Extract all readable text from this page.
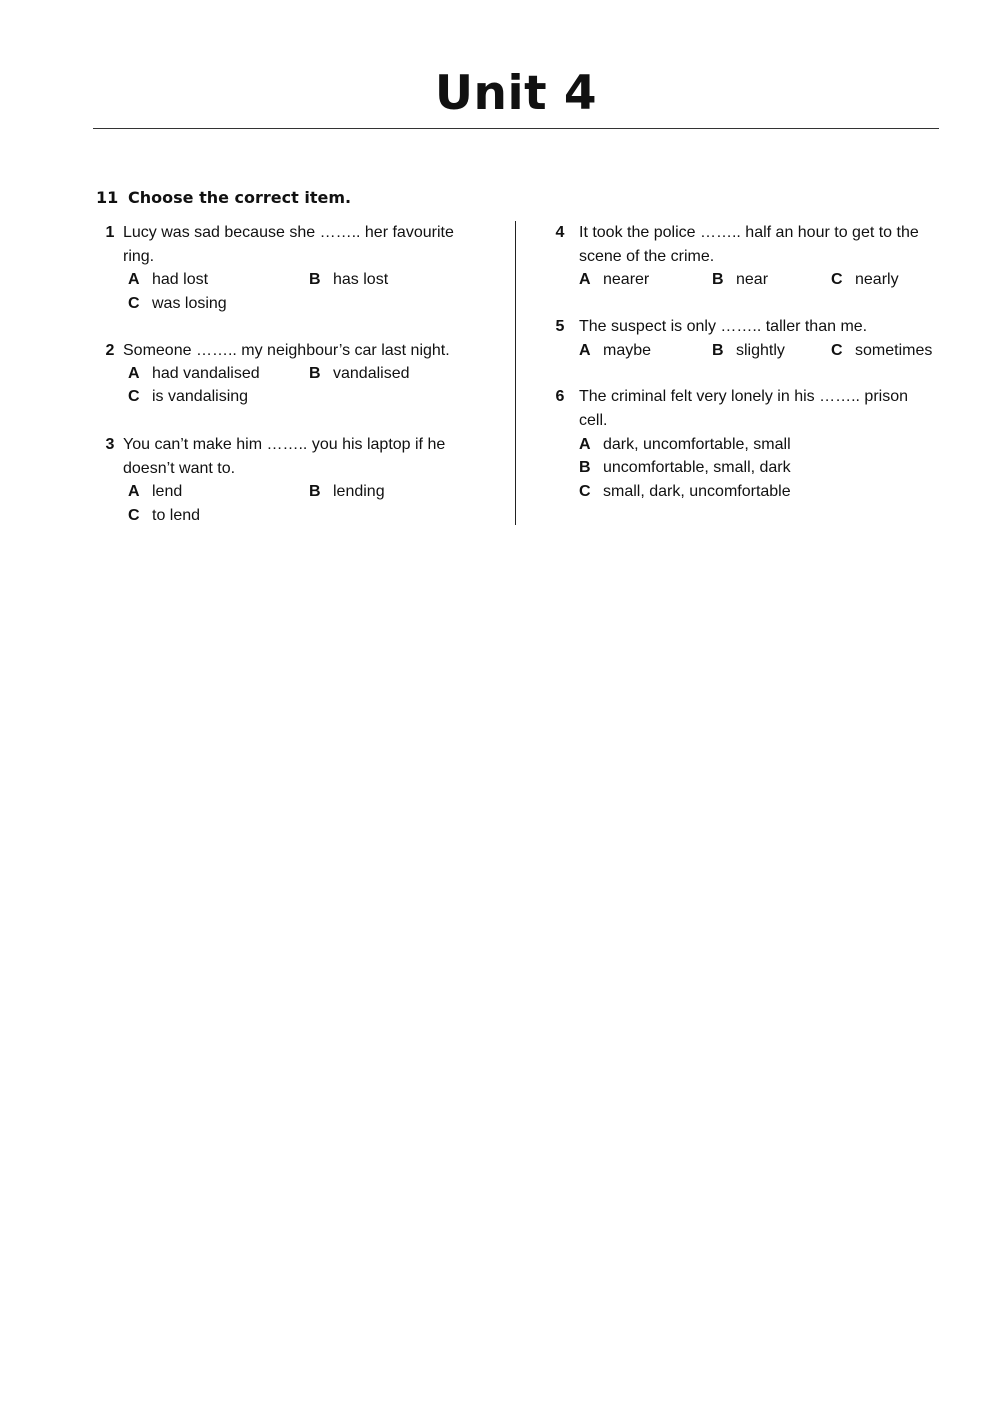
Unit 4
11 Choose the correct item.
1 Lucy was sad because she …….. her favourite
ring.
A had lost	B has lost
C was losing
2 Someone …….. my neighbour’s car last night.
A had vandalised	B vandalised
C is vandalising
3 You can’t make him …….. you his laptop if he
doesn’t want to.
A lend	B lending
C to lend
4 It took the police …….. half an hour to get to the
scene of the crime.
A nearer	B near	C nearly
5 The suspect is only …….. taller than me.
A maybe	B slightly	C sometimes
6 The criminal felt very lonely in his …….. prison
cell.
A dark, uncomfortable, small
B uncomfortable, small, dark
C small, dark, uncomfortable
